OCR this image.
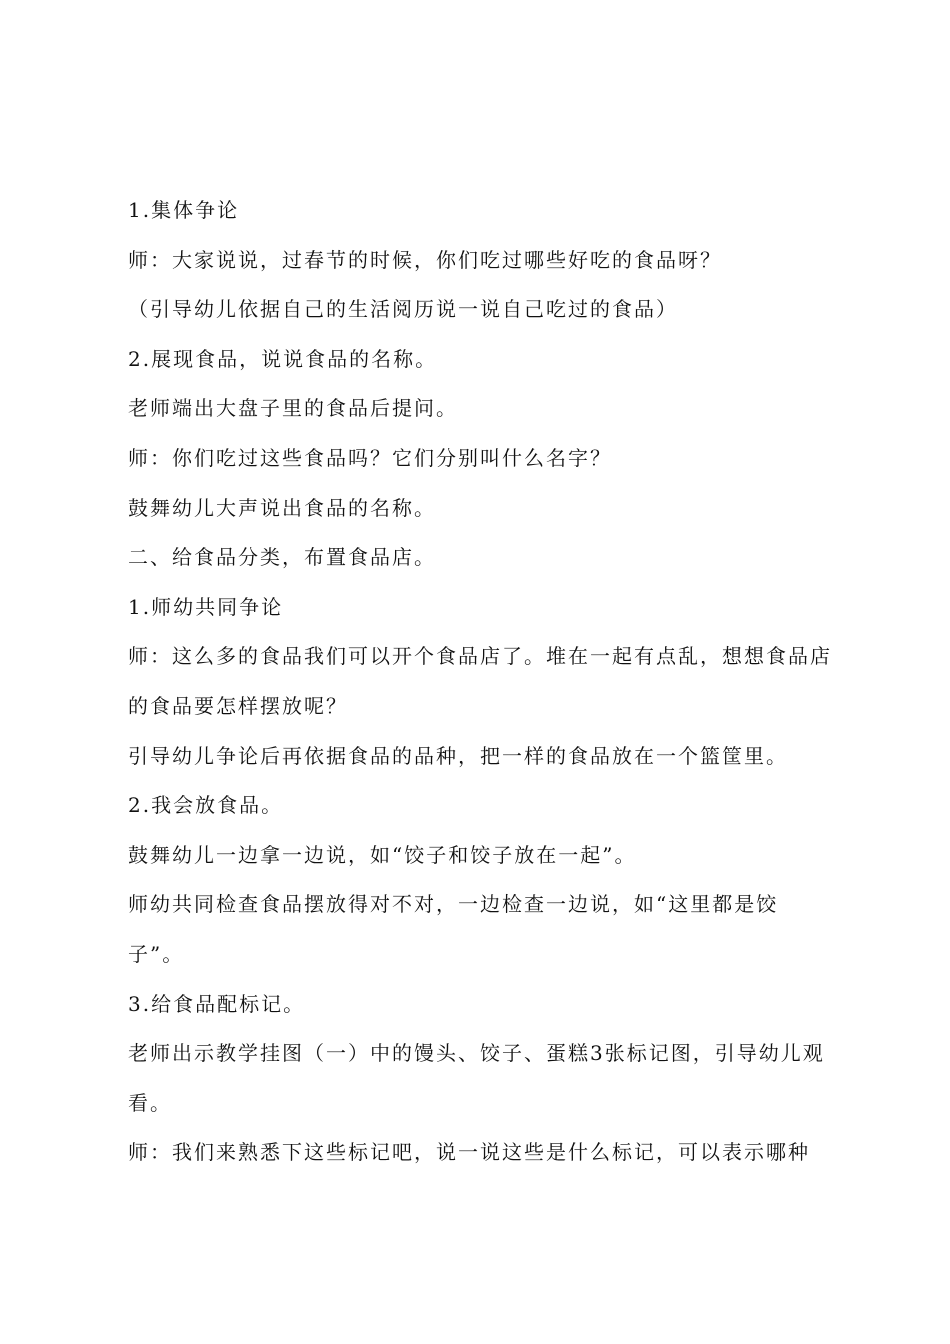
1.集体争论

师：大家说说，过春节的时候，你们吃过哪些好吃的食品呀？

（引导幼儿依据自己的生活阅历说一说自己吃过的食品）

2.展现食品，说说食品的名称。

老师端出大盘子里的食品后提问。

师：你们吃过这些食品吗？它们分别叫什么名字？

鼓舞幼儿大声说出食品的名称。

二、给食品分类，布置食品店。

1.师幼共同争论

师：这么多的食品我们可以开个食品店了。堆在一起有点乱，想想食品店的食品要怎样摆放呢？

引导幼儿争论后再依据食品的品种，把一样的食品放在一个篮筐里。

2.我会放食品。

鼓舞幼儿一边拿一边说，如“饺子和饺子放在一起”。

师幼共同检查食品摆放得对不对，一边检查一边说，如“这里都是饺子”。

3.给食品配标记。

老师出示教学挂图（一）中的馒头、饺子、蛋糕3张标记图，引导幼儿观看。

师：我们来熟悉下这些标记吧，说一说这些是什么标记，可以表示哪种
